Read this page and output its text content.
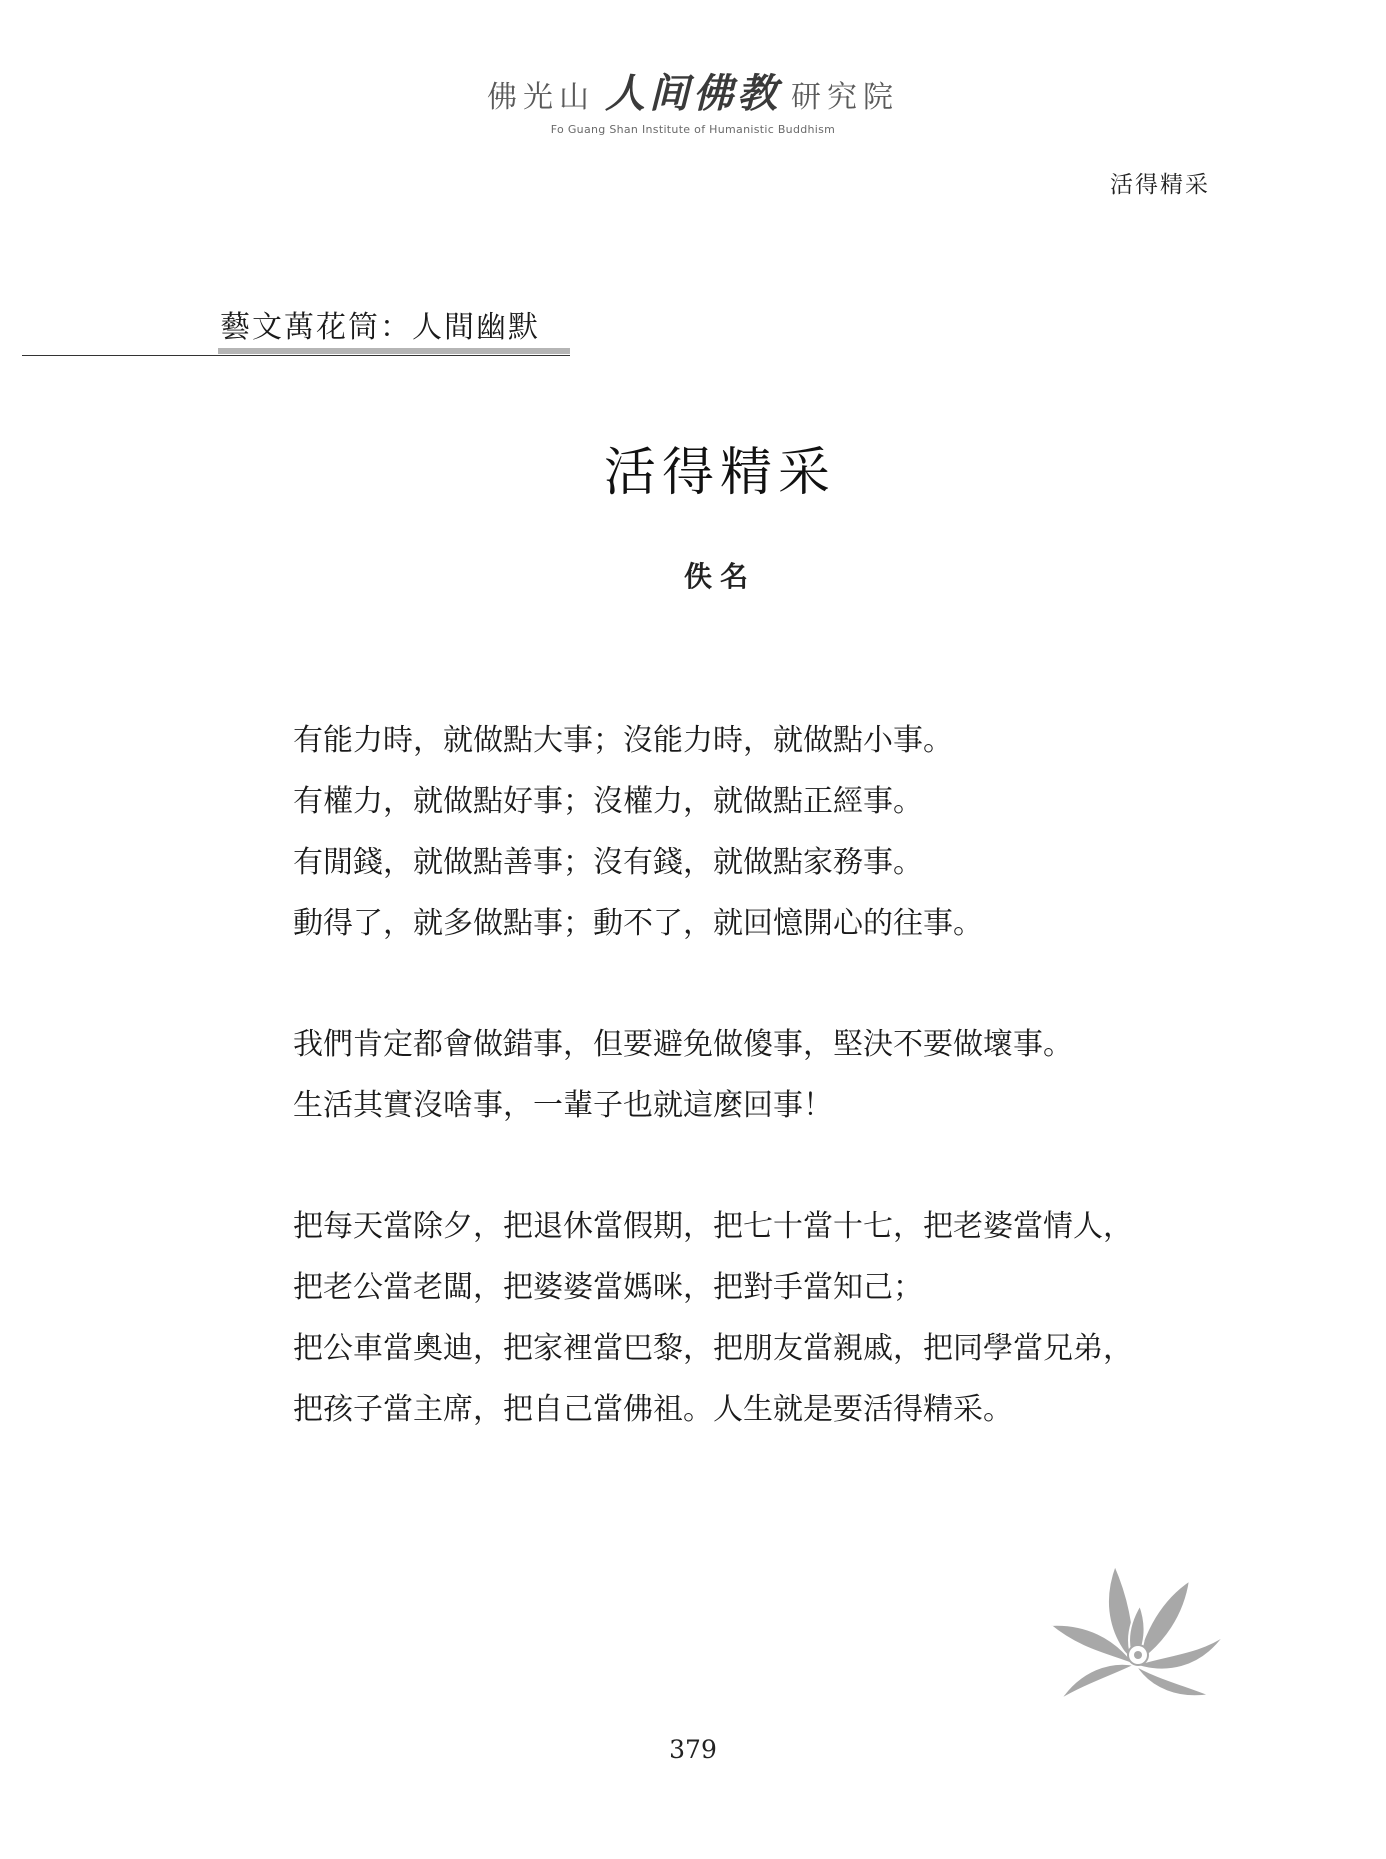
佛光山 人间佛教 研究院
Fo Guang Shan Institute of Humanistic Buddhism
活得精采
藝文萬花筒：人間幽默
活得精采
佚名
有能力時，就做點大事；沒能力時，就做點小事。
有權力，就做點好事；沒權力，就做點正經事。
有閒錢，就做點善事；沒有錢，就做點家務事。
動得了，就多做點事；動不了，就回憶開心的往事。
我們肯定都會做錯事，但要避免做傻事，堅決不要做壞事。
生活其實沒啥事，一輩子也就這麼回事！
把每天當除夕，把退休當假期，把七十當十七，把老婆當情人，
把老公當老闆，把婆婆當媽咪，把對手當知己；
把公車當奧迪，把家裡當巴黎，把朋友當親戚，把同學當兄弟，
把孩子當主席，把自己當佛祖。人生就是要活得精采。
379
